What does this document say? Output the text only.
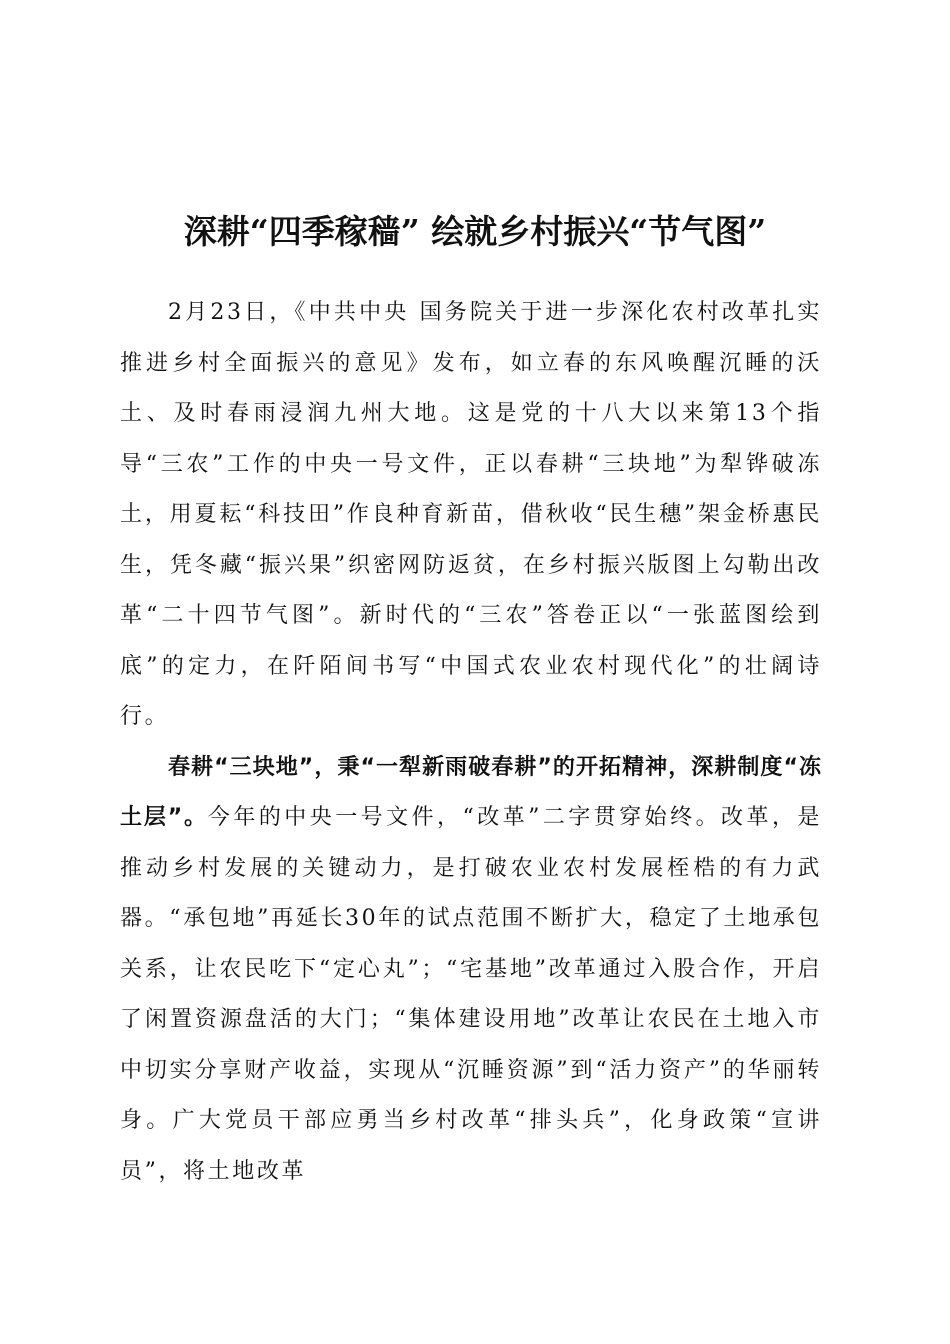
深耕“四季稼穑” 绘就乡村振兴“节气图”

2月23日，《中共中央 国务院关于进一步深化农村改革扎实推进乡村全面振兴的意见》发布，如立春的东风唤醒沉睡的沃土、及时春雨浸润九州大地。这是党的十八大以来第13个指导“三农”工作的中央一号文件，正以春耕“三块地”为犁铧破冻土，用夏耘“科技田”作良种育新苗，借秋收“民生穗”架金桥惠民生，凭冬藏“振兴果”织密网防返贫，在乡村振兴版图上勾勒出改革“二十四节气图”。新时代的“三农”答卷正以“一张蓝图绘到底”的定力，在阡陌间书写“中国式农业农村现代化”的壮阔诗行。

春耕“三块地”，秉“一犁新雨破春耕”的开拓精神，深耕制度“冻土层”。今年的中央一号文件，“改革”二字贯穿始终。改革，是推动乡村发展的关键动力，是打破农业农村发展桎梏的有力武器。“承包地”再延长30年的试点范围不断扩大，稳定了土地承包关系，让农民吃下“定心丸”；“宅基地”改革通过入股合作，开启了闲置资源盘活的大门；“集体建设用地”改革让农民在土地入市中切实分享财产收益，实现从“沉睡资源”到“活力资产”的华丽转身。广大党员干部应勇当乡村改革“排头兵”，化身政策“宣讲员”，将土地改革
